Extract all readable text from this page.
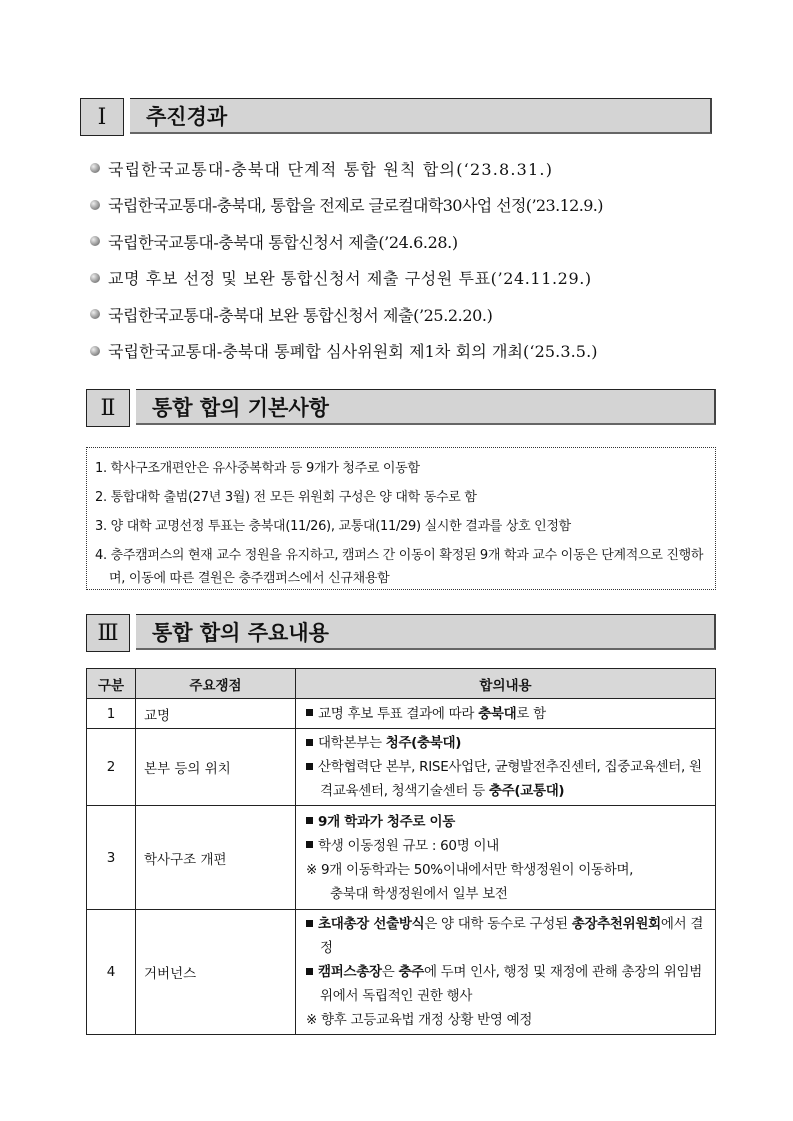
Ⅰ	추진경과
국립한국교통대-충북대 단계적 통합 원칙 합의(‘23.8.31.)
국립한국교통대-충북대, 통합을 전제로 글로컬대학30사업 선정(’23.12.9.)
국립한국교통대-충북대 통합신청서 제출(’24.6.28.)
교명 후보 선정 및 보완 통합신청서 제출 구성원 투표(’24.11.29.)
국립한국교통대-충북대 보완 통합신청서 제출(’25.2.20.)
국립한국교통대-충북대 통폐합 심사위원회 제1차 회의 개최(‘25.3.5.)
Ⅱ	통합 합의 기본사항
1. 학사구조개편안은 유사중복학과 등 9개가 청주로 이동함
2. 통합대학 출범(27년 3월) 전 모든 위원회 구성은 양 대학 동수로 함
3. 양 대학 교명선정 투표는 충북대(11/26), 교통대(11/29) 실시한 결과를 상호 인정함
4. 충주캠퍼스의 현재 교수 정원을 유지하고, 캠퍼스 간 이동이 확정된 9개 학과 교수 이동은 단계적으로 진행하며, 이동에 따른 결원은 충주캠퍼스에서 신규채용함
Ⅲ	통합 합의 주요내용
구분	주요쟁점	합의내용
1	교명	교명 후보 투표 결과에 따라 충북대로 함

2	본부 등의 위치	대학본부는 청주(충북대)
산학협력단 본부, RISE사업단, 균형발전추진센터, 집중교육센터, 원격교육센터, 청색기술센터 등 충주(교통대)

3	학사구조 개편	9개 학과가 청주로 이동
학생 이동정원 규모 : 60명 이내
※ 9개 이동학과는 50%이내에서만 학생정원이 이동하며,
충북대 학생정원에서 일부 보전

4	거버넌스	초대총장 선출방식은 양 대학 동수로 구성된 총장추천위원회에서 결정
캠퍼스총장은 충주에 두며 인사, 행정 및 재정에 관해 총장의 위임범위에서 독립적인 권한 행사
※ 향후 고등교육법 개정 상황 반영 예정
